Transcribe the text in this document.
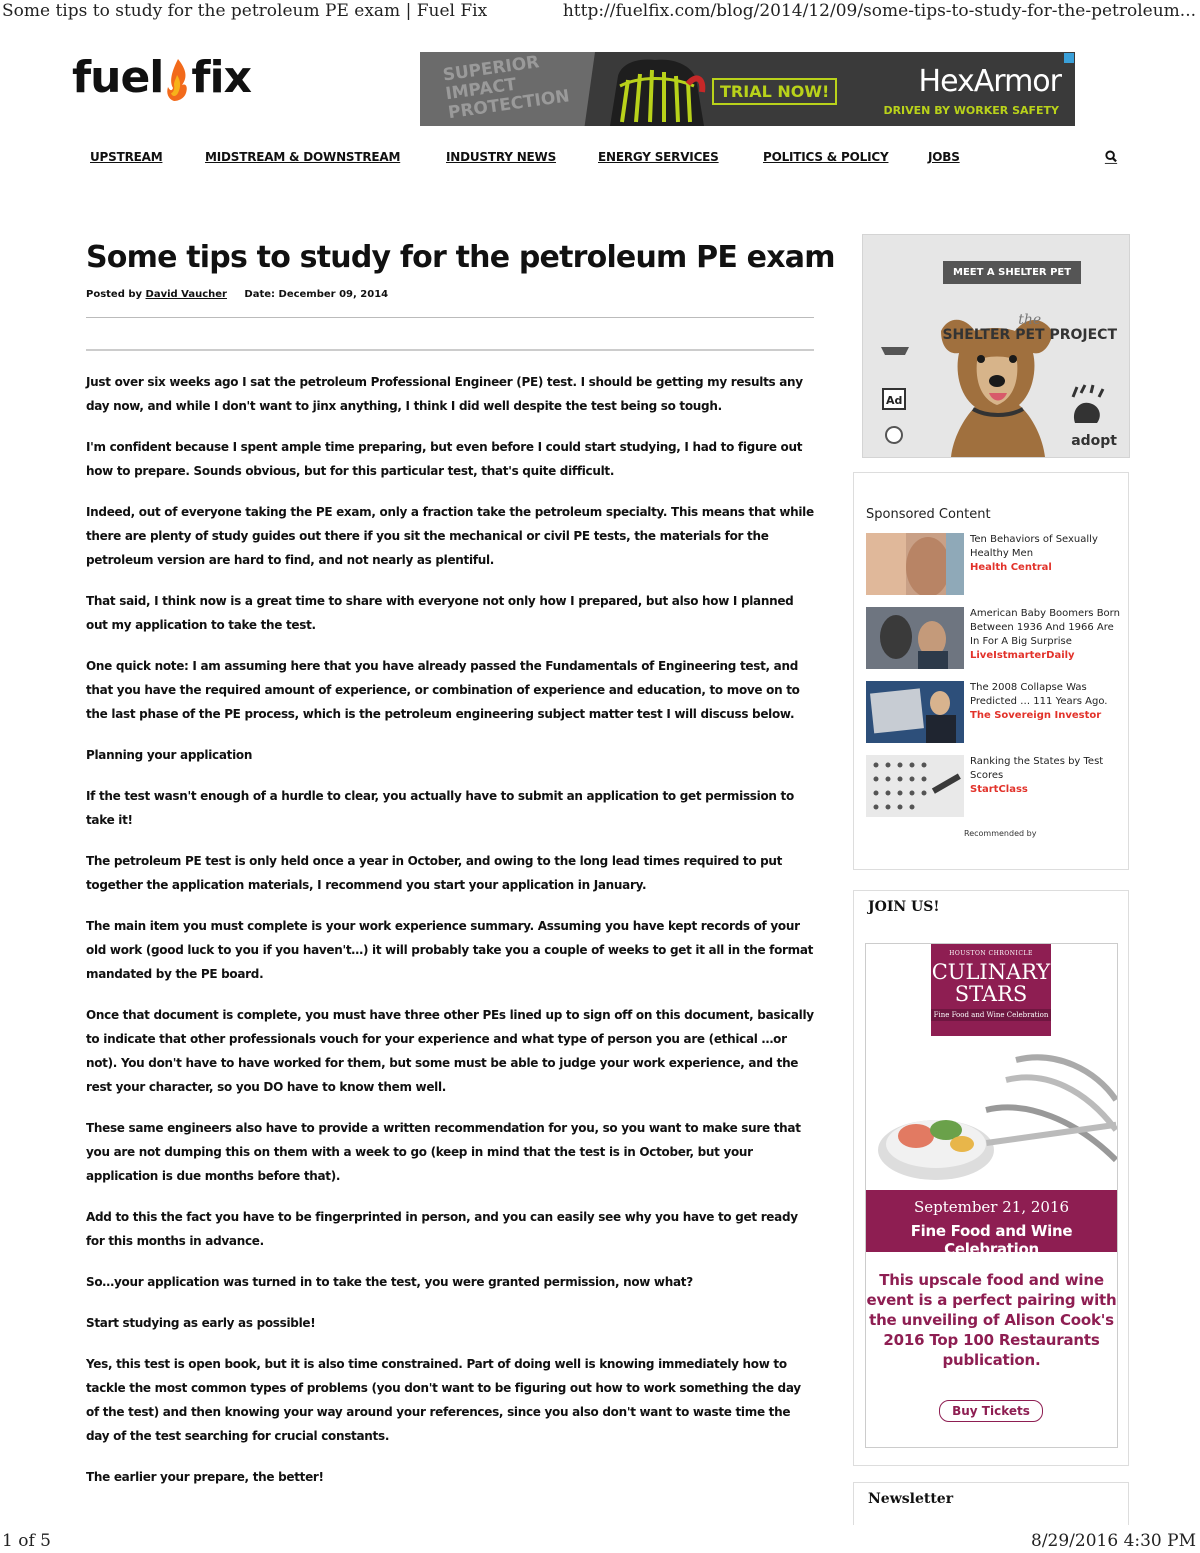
Some tips to study for the petroleum PE exam | Fuel Fix	http://fuelfix.com/blog/2014/12/09/some-tips-to-study-for-the-petroleum...
fuel fix	SUPERIOR IMPACT PROTECTION	TRIAL NOW!	HexArmor
DRIVEN BY WORKER SAFETY
UPSTREAM	MIDSTREAM & DOWNSTREAM	INDUSTRY NEWS	ENERGY SERVICES	POLITICS & POLICY	JOBS
Some tips to study for the petroleum PE exam
Posted by David Vaucher Date: December 09, 2014

Just over six weeks ago I sat the petroleum Professional Engineer (PE) test. I should be getting my results any day now, and while I don't want to jinx anything, I think I did well despite the test being so tough.

I'm confident because I spent ample time preparing, but even before I could start studying, I had to figure out how to prepare. Sounds obvious, but for this particular test, that's quite difficult.

Indeed, out of everyone taking the PE exam, only a fraction take the petroleum specialty. This means that while there are plenty of study guides out there if you sit the mechanical or civil PE tests, the materials for the petroleum version are hard to find, and not nearly as plentiful.

That said, I think now is a great time to share with everyone not only how I prepared, but also how I planned out my application to take the test.

One quick note: I am assuming here that you have already passed the Fundamentals of Engineering test, and that you have the required amount of experience, or combination of experience and education, to move on to the last phase of the PE process, which is the petroleum engineering subject matter test I will discuss below.

Planning your application

If the test wasn't enough of a hurdle to clear, you actually have to submit an application to get permission to take it!

The petroleum PE test is only held once a year in October, and owing to the long lead times required to put together the application materials, I recommend you start your application in January.

The main item you must complete is your work experience summary. Assuming you have kept records of your old work (good luck to you if you haven't…) it will probably take you a couple of weeks to get it all in the format mandated by the PE board.

Once that document is complete, you must have three other PEs lined up to sign off on this document, basically to indicate that other professionals vouch for your experience and what type of person you are (ethical …or not). You don't have to have worked for them, but some must be able to judge your work experience, and the rest your character, so you DO have to know them well.

These same engineers also have to provide a written recommendation for you, so you want to make sure that you are not dumping this on them with a week to go (keep in mind that the test is in October, but your application is due months before that).

Add to this the fact you have to be fingerprinted in person, and you can easily see why you have to get ready for this months in advance.

So…your application was turned in to take the test, you were granted permission, now what?

Start studying as early as possible!

Yes, this test is open book, but it is also time constrained. Part of doing well is knowing immediately how to tackle the most common types of problems (you don't want to be figuring out how to work something the day of the test) and then knowing your way around your references, since you also don't want to waste time the day of the test searching for crucial constants.

The earlier your prepare, the better!

MEET A SHELTER PET
Ad
the
SHELTER PET PROJECT
adopt
Sponsored Content
Ten Behaviors of Sexually Healthy Men
Health Central
American Baby Boomers Born Between 1936 And 1966 Are In For A Big Surprise
LiveIstmarterDaily
The 2008 Collapse Was Predicted … 111 Years Ago.
The Sovereign Investor
Ranking the States by Test Scores
StartClass
Recommended by
JOIN US!
HOUSTON CHRONICLE
CULINARY STARS
Fine Food and Wine Celebration
September 21, 2016
Fine Food and Wine Celebration
This upscale food and wine event is a perfect pairing with the unveiling of Alison Cook's 2016 Top 100 Restaurants publication.
Buy Tickets
Newsletter
1 of 5	8/29/2016 4:30 PM
